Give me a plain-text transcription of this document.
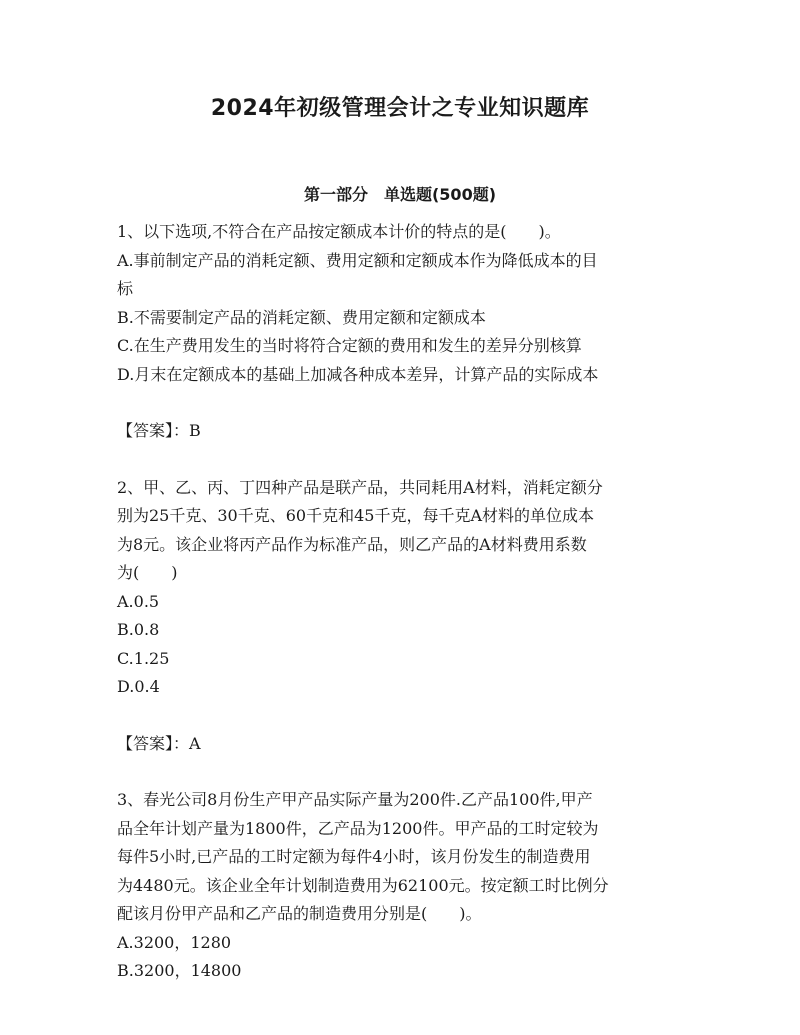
2024年初级管理会计之专业知识题库
第一部分　单选题(500题)
1、以下选项,不符合在产品按定额成本计价的特点的是(　　)。
A.事前制定产品的消耗定额、费用定额和定额成本作为降低成本的目
标
B.不需要制定产品的消耗定额、费用定额和定额成本
C.在生产费用发生的当时将符合定额的费用和发生的差异分别核算
D.月末在定额成本的基础上加减各种成本差异，计算产品的实际成本
【答案】：B
2、甲、乙、丙、丁四种产品是联产品，共同耗用A材料，消耗定额分
别为25千克、30千克、60千克和45千克，每千克A材料的单位成本
为8元。该企业将丙产品作为标准产品，则乙产品的A材料费用系数
为(　　)
A.0.5
B.0.8
C.1.25
D.0.4
【答案】：A
3、春光公司8月份生产甲产品实际产量为200件.乙产品100件,甲产
品全年计划产量为1800件，乙产品为1200件。甲产品的工时定较为
每件5小时,已产品的工时定额为每件4小时，该月份发生的制造费用
为4480元。该企业全年计划制造费用为62100元。按定额工时比例分
配该月份甲产品和乙产品的制造费用分别是(　　)。
A.3200，1280
B.3200，14800
